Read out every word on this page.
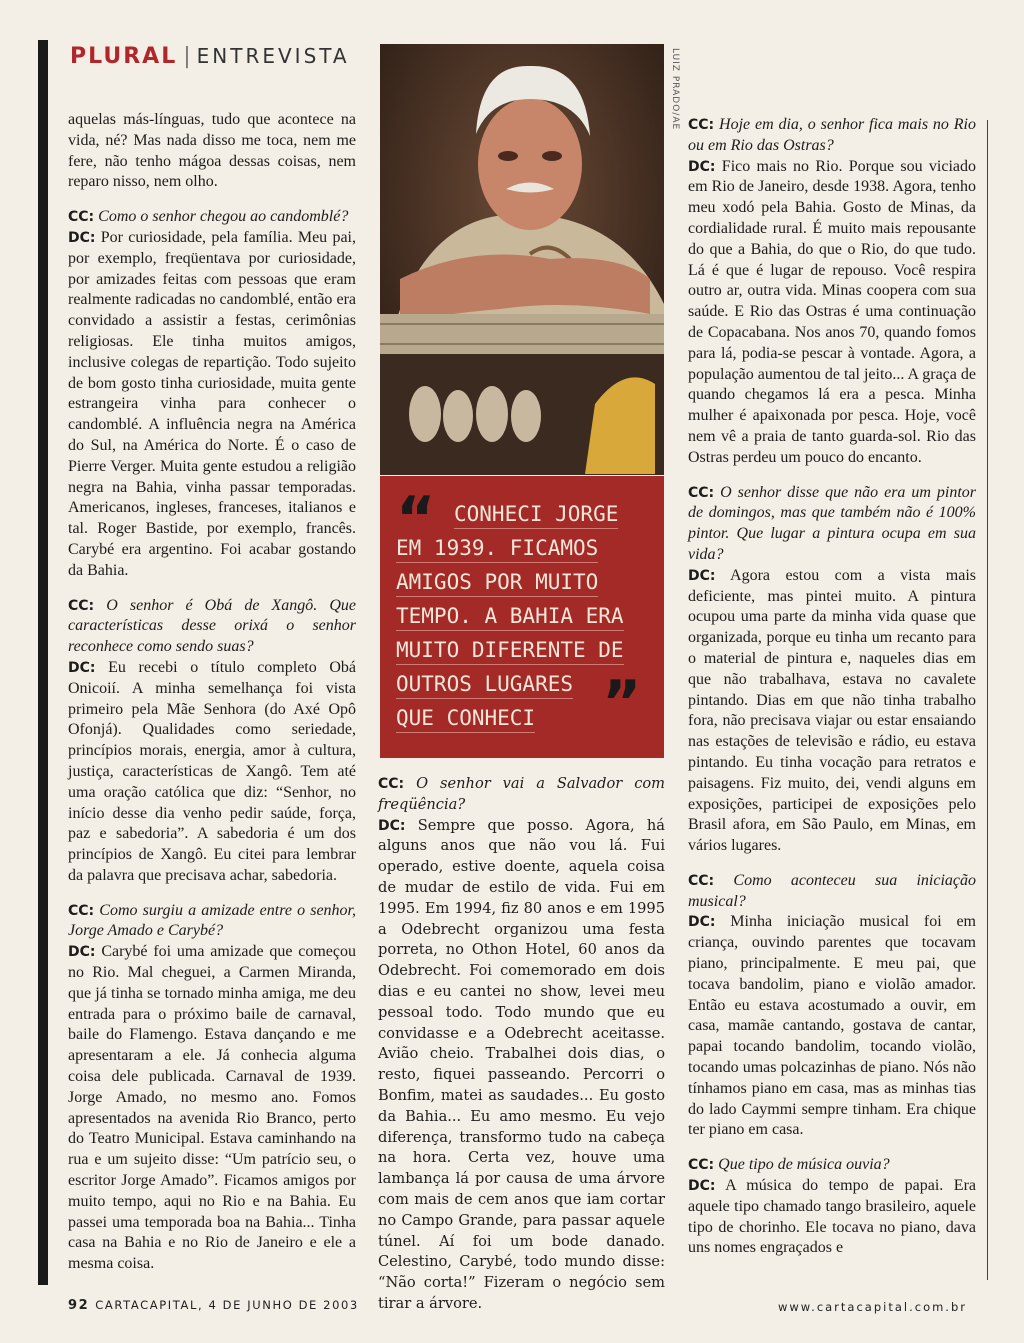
PLURAL | ENTREVISTA

aquelas más-línguas, tudo que acontece na vida, né? Mas nada disso me toca, nem me fere, não tenho mágoa dessas coisas, nem reparo nisso, nem olho.

CC: Como o senhor chegou ao candomblé?
DC: Por curiosidade, pela família. Meu pai, por exemplo, freqüentava por curiosidade, por amizades feitas com pessoas que eram realmente radicadas no candomblé, então era convidado a assistir a festas, cerimônias religiosas. Ele tinha muitos amigos, inclusive colegas de repartição. Todo sujeito de bom gosto tinha curiosidade, muita gente estrangeira vinha para conhecer o candomblé. A influência negra na América do Sul, na América do Norte. É o caso de Pierre Verger. Muita gente estudou a religião negra na Bahia, vinha passar temporadas. Americanos, ingleses, franceses, italianos e tal. Roger Bastide, por exemplo, francês. Carybé era argentino. Foi acabar gostando da Bahia.

CC: O senhor é Obá de Xangô. Que características desse orixá o senhor reconhece como sendo suas?
DC: Eu recebi o título completo Obá Onicoií. A minha semelhança foi vista primeiro pela Mãe Senhora (do Axé Opô Ofonjá). Qualidades como seriedade, princípios morais, energia, amor à cultura, justiça, características de Xangô. Tem até uma oração católica que diz: “Senhor, no início desse dia venho pedir saúde, força, paz e sabedoria”. A sabedoria é um dos princípios de Xangô. Eu citei para lembrar da palavra que precisava achar, sabedoria.

CC: Como surgiu a amizade entre o senhor, Jorge Amado e Carybé?
DC: Carybé foi uma amizade que começou no Rio. Mal cheguei, a Carmen Miranda, que já tinha se tornado minha amiga, me deu entrada para o próximo baile de carnaval, baile do Flamengo. Estava dançando e me apresentaram a ele. Já conhecia alguma coisa dele publicada. Carnaval de 1939. Jorge Amado, no mesmo ano. Fomos apresentados na avenida Rio Branco, perto do Teatro Municipal. Estava caminhando na rua e um sujeito disse: “Um patrício seu, o escritor Jorge Amado”. Ficamos amigos por muito tempo, aqui no Rio e na Bahia. Eu passei uma temporada boa na Bahia... Tinha casa na Bahia e no Rio de Janeiro e ele a mesma coisa.

LUIZ PRADO/AE
“ CONHECI JORGE
EM 1939. FICAMOS
AMIGOS POR MUITO
TEMPO. A BAHIA ERA
MUITO DIFERENTE DE
OUTROS LUGARES
QUE CONHECI ”

CC: O senhor vai a Salvador com freqüência?
DC: Sempre que posso. Agora, há alguns anos que não vou lá. Fui operado, estive doente, aquela coisa de mudar de estilo de vida. Fui em 1995. Em 1994, fiz 80 anos e em 1995 a Odebrecht organizou uma festa porreta, no Othon Hotel, 60 anos da Odebrecht. Foi comemorado em dois dias e eu cantei no show, levei meu pessoal todo. Todo mundo que eu convidasse e a Odebrecht aceitasse. Avião cheio. Trabalhei dois dias, o resto, fiquei passeando. Percorri o Bonfim, matei as saudades... Eu gosto da Bahia... Eu amo mesmo. Eu vejo diferença, transformo tudo na cabeça na hora. Certa vez, houve uma lambança lá por causa de uma árvore com mais de cem anos que iam cortar no Campo Grande, para passar aquele túnel. Aí foi um bode danado. Celestino, Carybé, todo mundo disse: “Não corta!” Fizeram o negócio sem tirar a árvore.

CC: Hoje em dia, o senhor fica mais no Rio ou em Rio das Ostras?
DC: Fico mais no Rio. Porque sou viciado em Rio de Janeiro, desde 1938. Agora, tenho meu xodó pela Bahia. Gosto de Minas, da cordialidade rural. É muito mais repousante do que a Bahia, do que o Rio, do que tudo. Lá é que é lugar de repouso. Você respira outro ar, outra vida. Minas coopera com sua saúde. E Rio das Ostras é uma continuação de Copacabana. Nos anos 70, quando fomos para lá, podia-se pescar à vontade. Agora, a população aumentou de tal jeito... A graça de quando chegamos lá era a pesca. Minha mulher é apaixonada por pesca. Hoje, você nem vê a praia de tanto guarda-sol. Rio das Ostras perdeu um pouco do encanto.

CC: O senhor disse que não era um pintor de domingos, mas que também não é 100% pintor. Que lugar a pintura ocupa em sua vida?
DC: Agora estou com a vista mais deficiente, mas pintei muito. A pintura ocupou uma parte da minha vida quase que organizada, porque eu tinha um recanto para o material de pintura e, naqueles dias em que não trabalhava, estava no cavalete pintando. Dias em que não tinha trabalho fora, não precisava viajar ou estar ensaiando nas estações de televisão e rádio, eu estava pintando. Eu tinha vocação para retratos e paisagens. Fiz muito, dei, vendi alguns em exposições, participei de exposições pelo Brasil afora, em São Paulo, em Minas, em vários lugares.

CC: Como aconteceu sua iniciação musical?
DC: Minha iniciação musical foi em criança, ouvindo parentes que tocavam piano, principalmente. E meu pai, que tocava bandolim, piano e violão amador. Então eu estava acostumado a ouvir, em casa, mamãe cantando, gostava de cantar, papai tocando bandolim, tocando violão, tocando umas polcazinhas de piano. Nós não tínhamos piano em casa, mas as minhas tias do lado Caymmi sempre tinham. Era chique ter piano em casa.

CC: Que tipo de música ouvia?
DC: A música do tempo de papai. Era aquele tipo chamado tango brasileiro, aquele tipo de chorinho. Ele tocava no piano, dava uns nomes engraçados e

92 CARTACAPITAL, 4 DE JUNHO DE 2003	www.cartacapital.com.br
